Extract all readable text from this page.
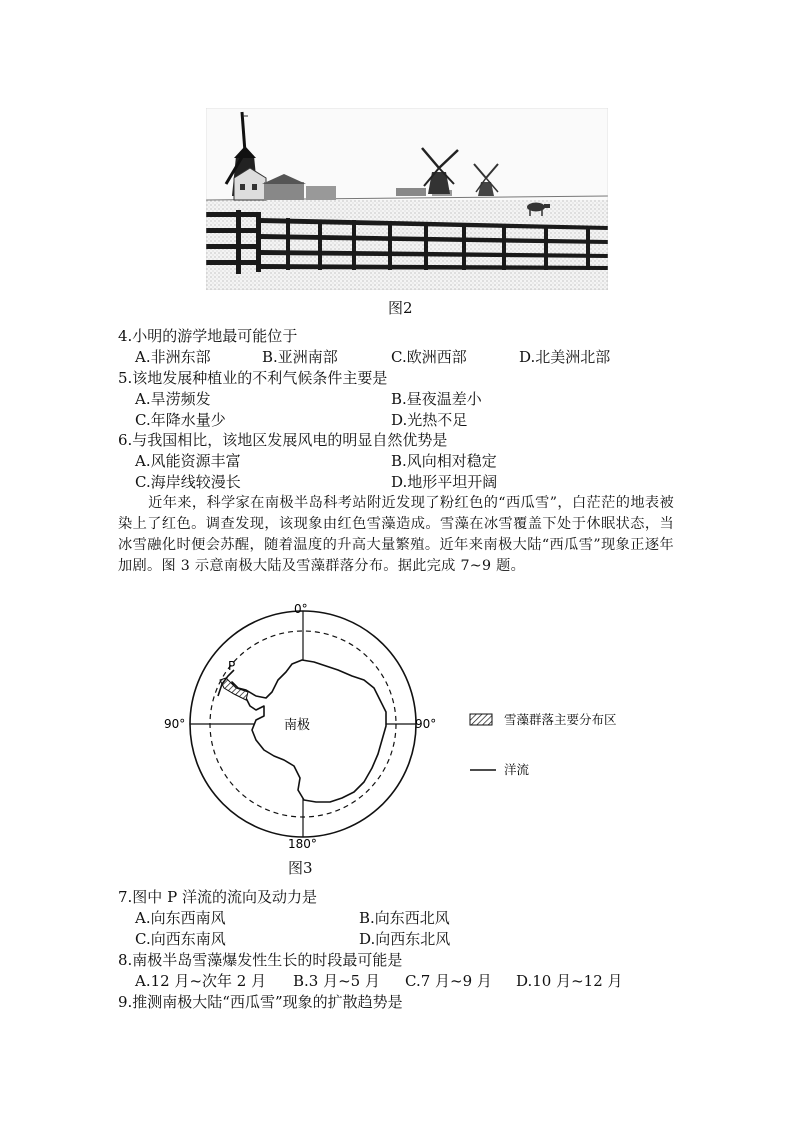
图2
4.小明的游学地最可能位于
A.非洲东部	B.亚洲南部	C.欧洲西部	D.北美洲北部
5.该地发展种植业的不利气候条件主要是
A.旱涝频发	B.昼夜温差小
C.年降水量少	D.光热不足
6.与我国相比，该地区发展风电的明显自然优势是
A.风能资源丰富	B.风向相对稳定
C.海岸线较漫长	D.地形平坦开阔
近年来，科学家在南极半岛科考站附近发现了粉红色的“西瓜雪”，白茫茫的地表被染上了红色。调查发现，该现象由红色雪藻造成。雪藻在冰雪覆盖下处于休眠状态，当冰雪融化时便会苏醒，随着温度的升高大量繁殖。近年来南极大陆“西瓜雪”现象正逐年加剧。图 3 示意南极大陆及雪藻群落分布。据此完成 7~9 题。
南极
P
0°
90°	90°
180°
雪藻群落主要分布区
洋流
图3
7.图中 P 洋流的流向及动力是
A.向东西南风	B.向东西北风
C.向西东南风	D.向西东北风
8.南极半岛雪藻爆发性生长的时段最可能是
A.12 月~次年 2 月 B.3 月~5 月 C.7 月~9 月 D.10 月~12 月
9.推测南极大陆“西瓜雪”现象的扩散趋势是
